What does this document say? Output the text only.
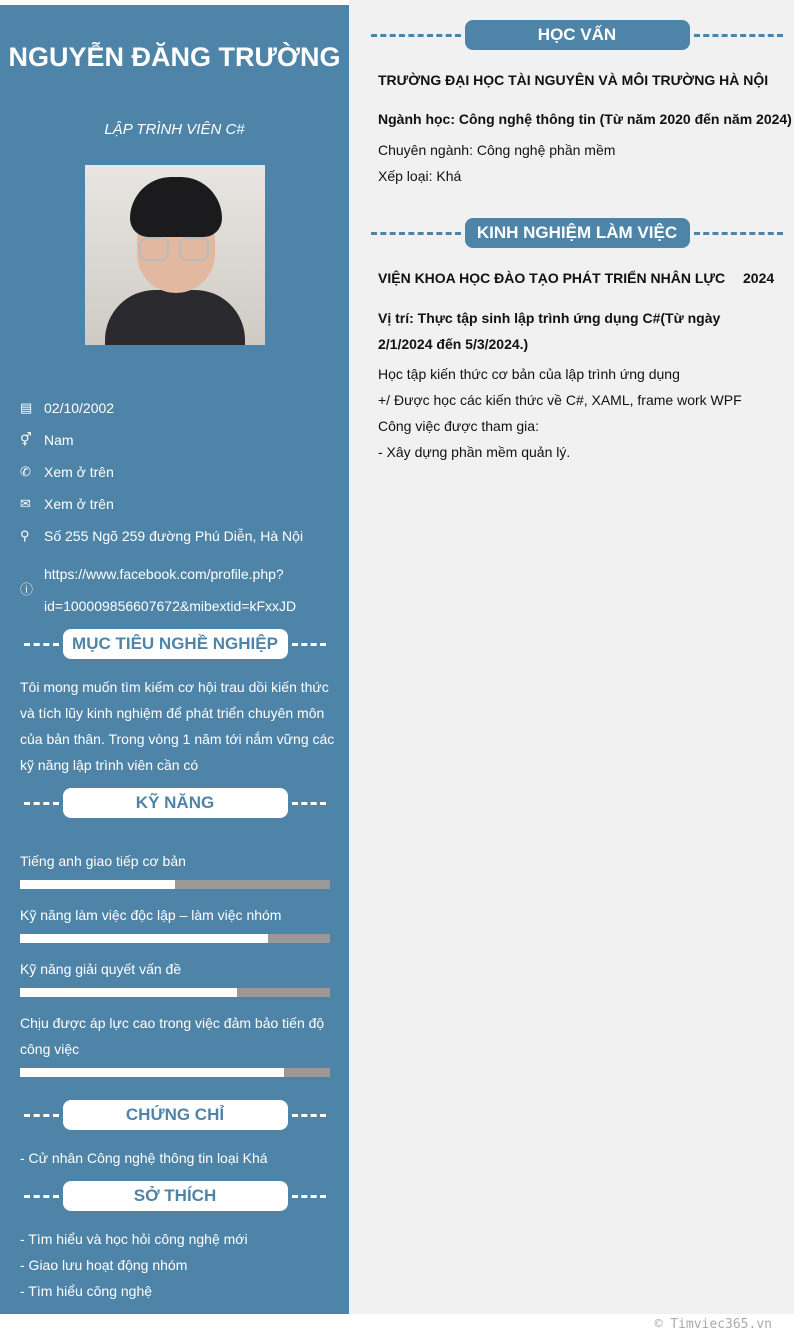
NGUYỄN ĐĂNG TRƯỜNG
LẬP TRÌNH VIÊN C#
▤ 02/10/2002
⚥ Nam
✆ Xem ở trên
✉ Xem ở trên
⚲	Số 255 Ngõ 259 đường Phú Diễn, Hà Nội
ⓘ
https://www.facebook.com/profile.php?
id=100009856607672&mibextid=kFxxJD
MỤC TIÊU NGHỀ NGHIỆP
Tôi mong muốn tìm kiếm cơ hội trau dồi kiến thức và tích lũy kinh nghiệm để phát triển chuyên môn của bản thân. Trong vòng 1 năm tới nắm vững các kỹ năng lập trình viên cần có
KỸ NĂNG
Tiếng anh giao tiếp cơ bản
Kỹ năng làm việc độc lập – làm việc nhóm
Kỹ năng giải quyết vấn đề
Chịu được áp lực cao trong việc đảm bảo tiến độ công việc
CHỨNG CHỈ
- Cử nhân Công nghệ thông tin loại Khá
SỞ THÍCH
- Tìm hiểu và học hỏi công nghệ mới
- Giao lưu hoạt động nhóm
- Tìm hiểu công nghệ
HỌC VẤN
TRƯỜNG ĐẠI HỌC TÀI NGUYÊN VÀ MÔI TRƯỜNG HÀ NỘI
Ngành học: Công nghệ thông tin (Từ năm 2020 đến năm 2024)
Chuyên ngành: Công nghệ phần mềm
Xếp loại: Khá
KINH NGHIỆM LÀM VIỆC
VIỆN KHOA HỌC ĐÀO TẠO PHÁT TRIỂN NHÂN LỰC 2024
Vị trí: Thực tập sinh lập trình ứng dụng C#(Từ ngày 2/1/2024 đến 5/3/2024.)
Học tập kiến thức cơ bản của lập trình ứng dụng
+/ Được học các kiến thức về C#, XAML, frame work WPF
Công việc được tham gia:
- Xây dựng phần mềm quản lý.
© Timviec365.vn
